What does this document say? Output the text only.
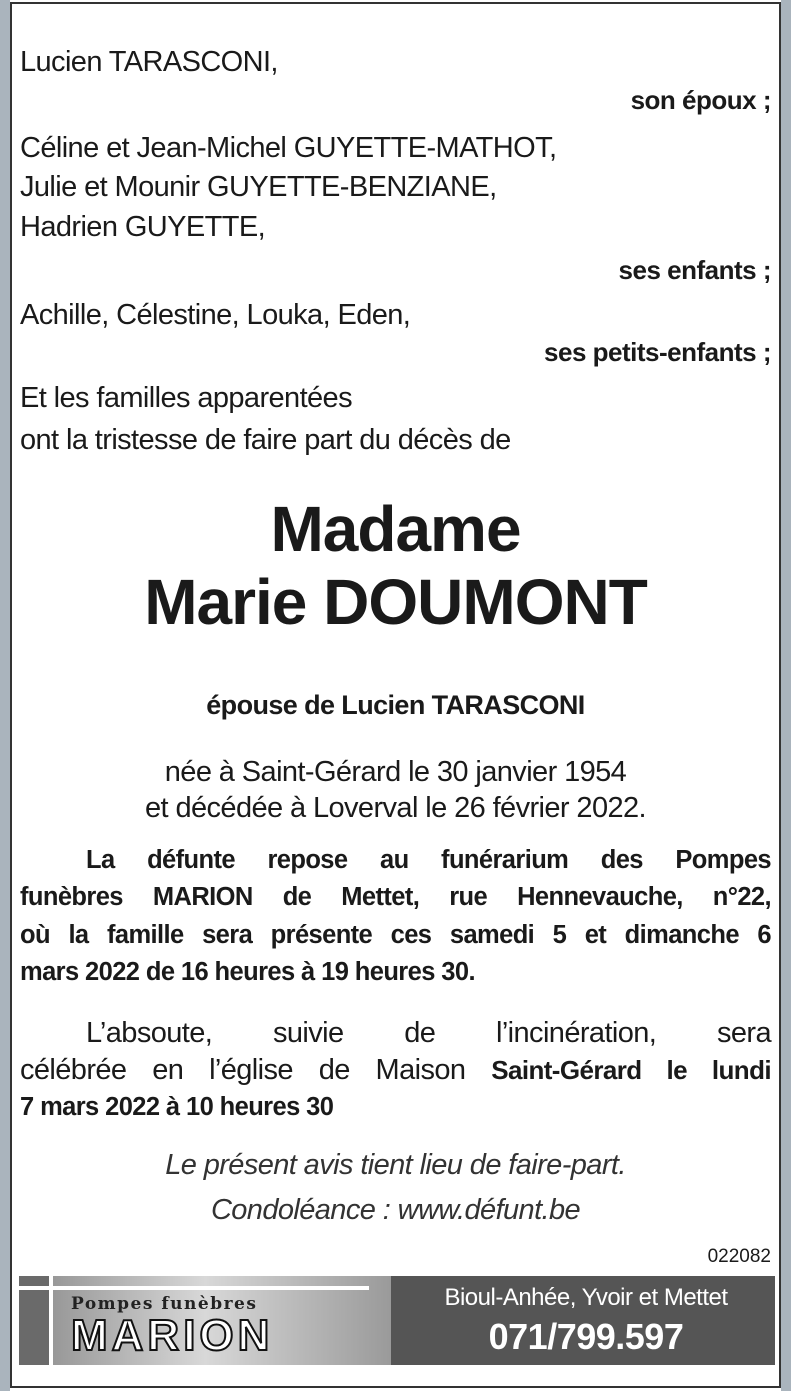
Lucien TARASCONI,
son époux ;
Céline et Jean-Michel GUYETTE-MATHOT,
Julie et Mounir GUYETTE-BENZIANE,
Hadrien GUYETTE,
ses enfants ;
Achille, Célestine, Louka, Eden,
ses petits-enfants ;
Et les familles apparentées
ont la tristesse de faire part du décès de
Madame
Marie DOUMONT
épouse de Lucien TARASCONI
née à Saint-Gérard le 30 janvier 1954
et décédée à Loverval le 26 février 2022.
La défunte repose au funérarium des Pompes
funèbres MARION de Mettet, rue Hennevauche, n°22,
où la famille sera présente ces samedi 5 et dimanche 6
mars 2022 de 16 heures à 19 heures 30.
L’absoute, suivie de l’incinération, sera
célébrée en l’église de Maison Saint-Gérard le lundi
7 mars 2022 à 10 heures 30
Le présent avis tient lieu de faire-part.
Condoléance : www.défunt.be
022082
Pompes funèbres
MARION
Bioul-Anhée, Yvoir et Mettet
071/799.597
